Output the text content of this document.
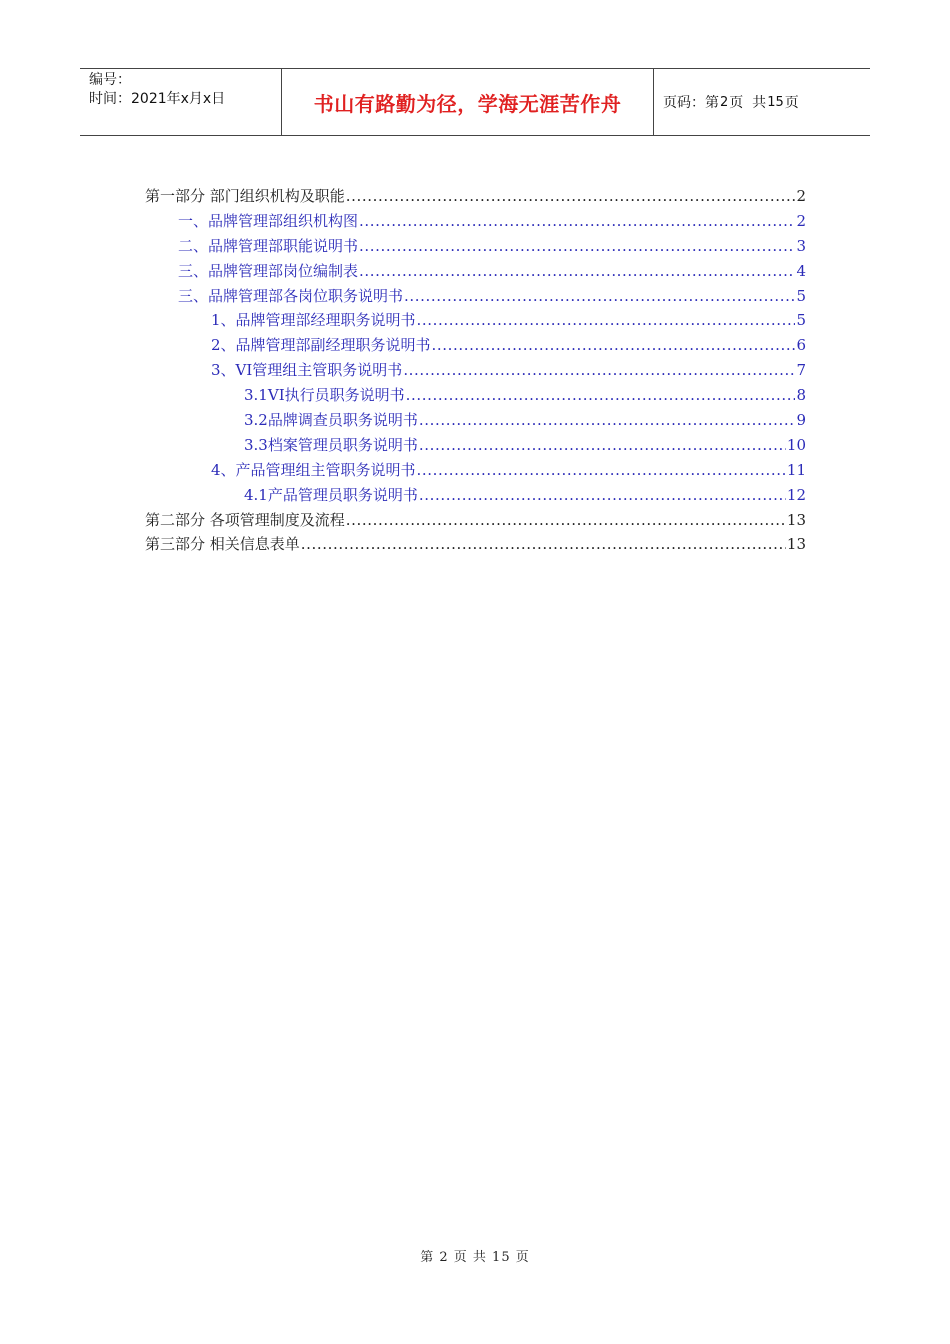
编号：
时间：2021年x月x日	书山有路勤为径，学海无涯苦作舟	页码：第 2 页  共 15 页
第一部分 部门组织机构及职能 .....	2
一、品牌管理部组织机构图 .....	2
二、品牌管理部职能说明书 .....	3
三、品牌管理部岗位编制表 .....	4
三、品牌管理部各岗位职务说明书 .....	5
1、品牌管理部经理职务说明书 .....	5
2、品牌管理部副经理职务说明书 .....	6
3、VI管理组主管职务说明书 .....	7
3.1VI执行员职务说明书 .....	8
3.2品牌调查员职务说明书 .....	9
3.3档案管理员职务说明书 .....	10
4、产品管理组主管职务说明书 .....	11
4.1产品管理员职务说明书 .....	12
第二部分 各项管理制度及流程 .....	13
第三部分 相关信息表单 .....	13
第 2 页 共 15 页
